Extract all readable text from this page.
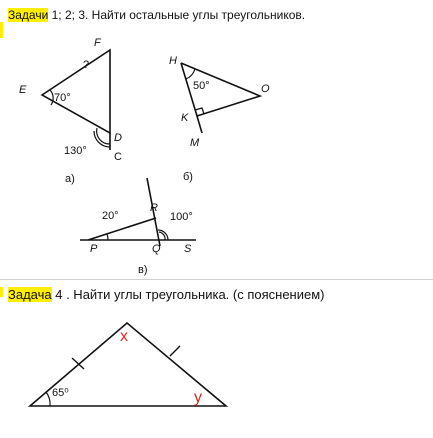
Задачи 1; 2; 3. Найти остальные углы треугольников.
Задача 4 . Найти углы треугольника. (с пояснением)
F
E
D
C
70°
130°
?
а)
H
O
K
M
50°
б)
R
P	Q S
20°	100°
в)
x
y
65⁰
